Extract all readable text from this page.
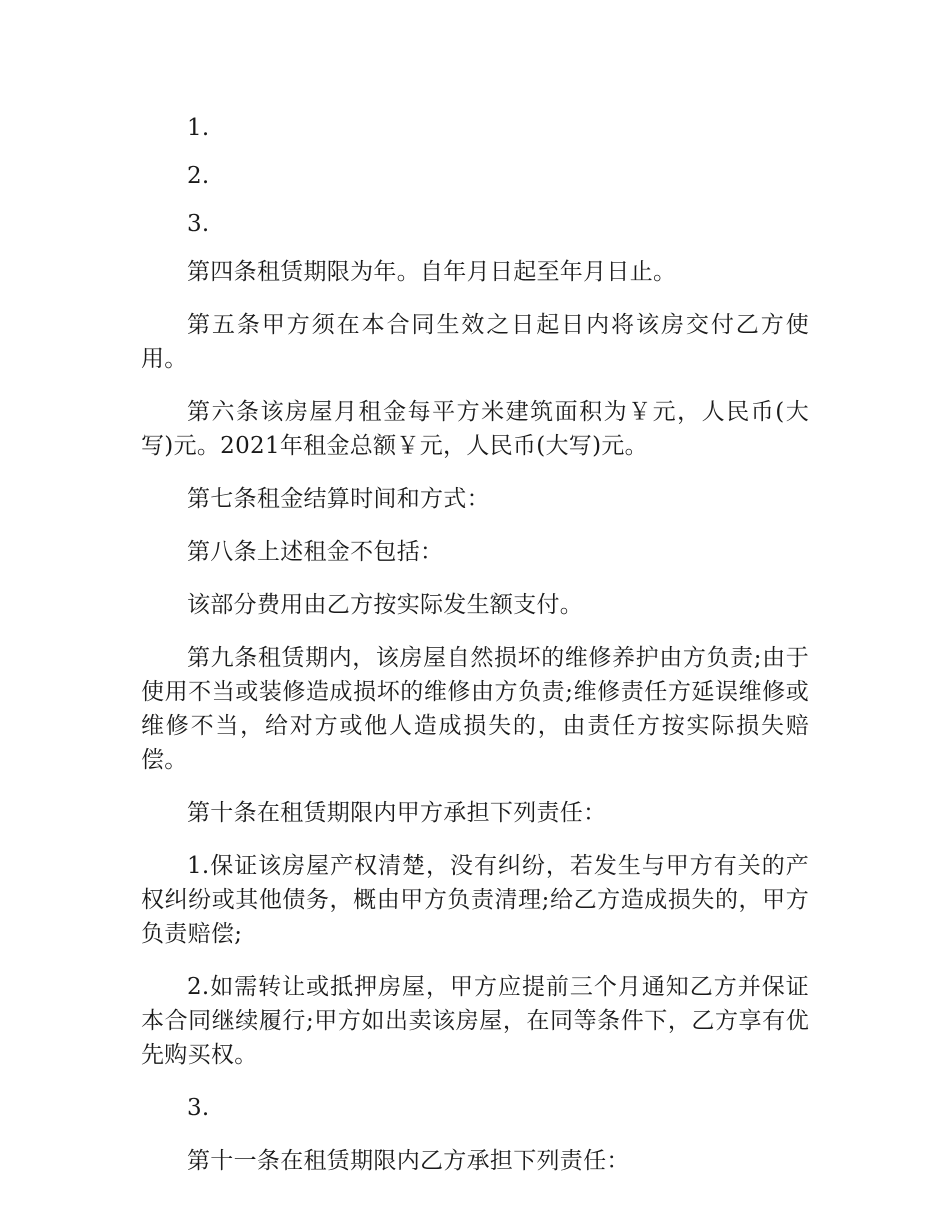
1.

2.

3.

第四条租赁期限为年。自年月日起至年月日止。

第五条甲方须在本合同生效之日起日内将该房交付乙方使用。

第六条该房屋月租金每平方米建筑面积为￥元，人民币(大写)元。2021年租金总额￥元，人民币(大写)元。

第七条租金结算时间和方式：

第八条上述租金不包括：

该部分费用由乙方按实际发生额支付。

第九条租赁期内，该房屋自然损坏的维修养护由方负责;由于使用不当或装修造成损坏的维修由方负责;维修责任方延误维修或维修不当，给对方或他人造成损失的，由责任方按实际损失赔偿。

第十条在租赁期限内甲方承担下列责任：

1.保证该房屋产权清楚，没有纠纷，若发生与甲方有关的产权纠纷或其他债务，概由甲方负责清理;给乙方造成损失的，甲方负责赔偿;

2.如需转让或抵押房屋，甲方应提前三个月通知乙方并保证本合同继续履行;甲方如出卖该房屋，在同等条件下，乙方享有优先购买权。

3.

第十一条在租赁期限内乙方承担下列责任：
